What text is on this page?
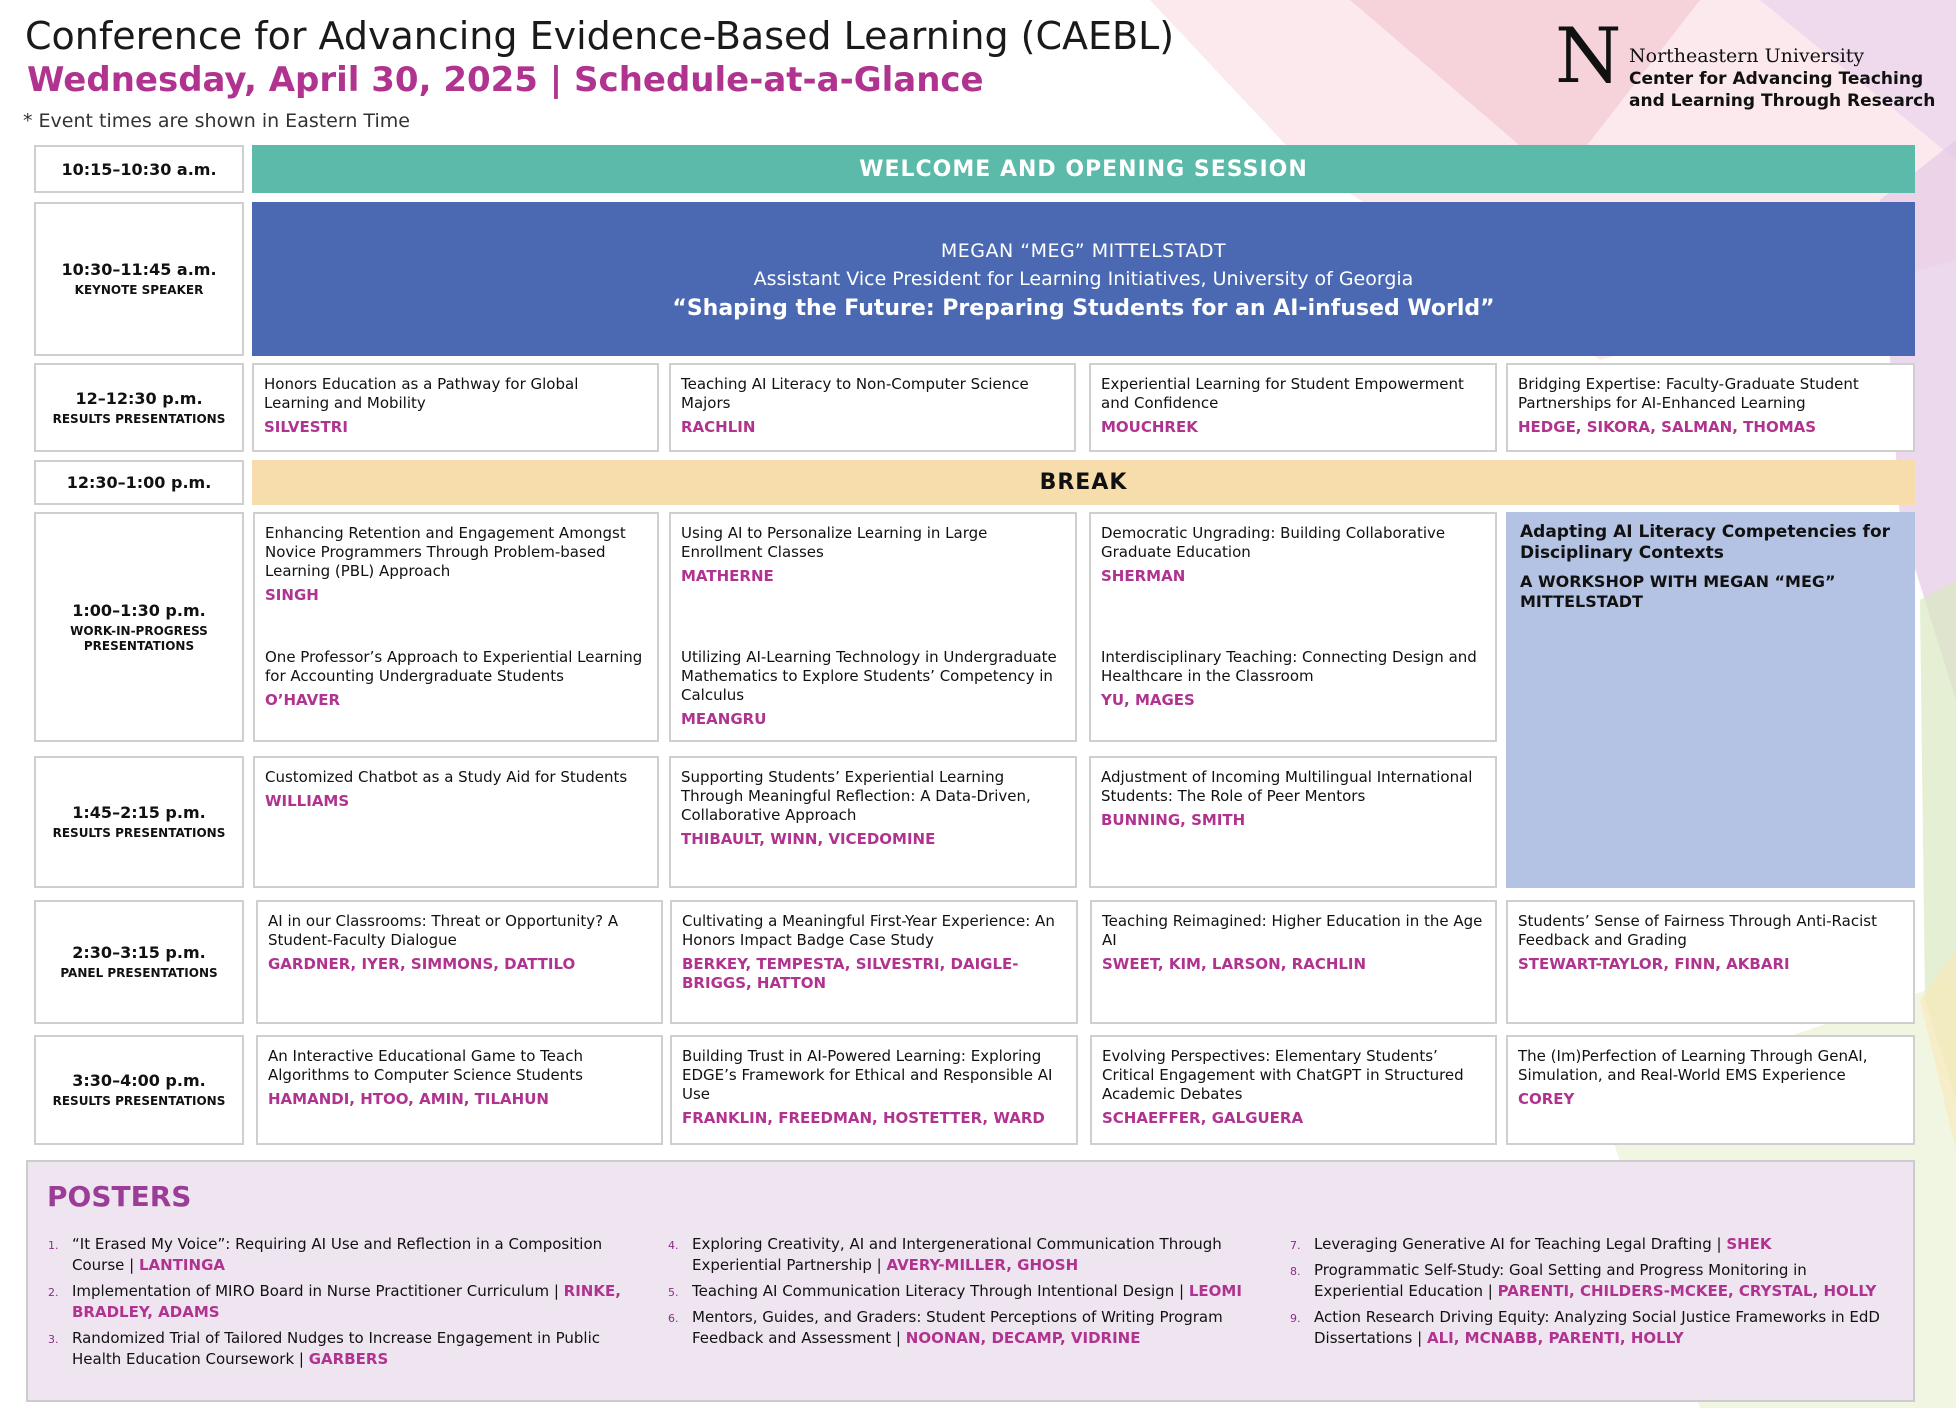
Conference for Advancing Evidence-Based Learning (CAEBL)
Wednesday, April 30, 2025 | Schedule-at-a-Glance
* Event times are shown in Eastern Time
N Northeastern University
Center for Advancing Teaching
and Learning Through Research
10:15–10:30 a.m.	WELCOME AND OPENING SESSION
10:30–11:45 a.m.
KEYNOTE SPEAKER
MEGAN “MEG” MITTELSTADT
Assistant Vice President for Learning Initiatives, University of Georgia
“Shaping the Future: Preparing Students for an AI-infused World”
12–12:30 p.m.
RESULTS PRESENTATIONS
Honors Education as a Pathway for Global Learning and Mobility
SILVESTRI
Teaching AI Literacy to Non-Computer Science Majors
RACHLIN
Experiential Learning for Student Empowerment and Confidence
MOUCHREK
Bridging Expertise: Faculty-Graduate Student Partnerships for AI-Enhanced Learning
HEDGE, SIKORA, SALMAN, THOMAS
12:30–1:00 p.m.	BREAK
1:00–1:30 p.m.
WORK-IN-PROGRESS PRESENTATIONS
Enhancing Retention and Engagement Amongst Novice Programmers Through Problem-based Learning (PBL) Approach
SINGH
One Professor’s Approach to Experiential Learning for Accounting Undergraduate Students
O’HAVER
Using AI to Personalize Learning in Large Enrollment Classes
MATHERNE
Utilizing AI-Learning Technology in Undergraduate Mathematics to Explore Students’ Competency in Calculus
MEANGRU
Democratic Ungrading: Building Collaborative Graduate Education
SHERMAN
Interdisciplinary Teaching: Connecting Design and Healthcare in the Classroom
YU, MAGES
Adapting AI Literacy Competencies for Disciplinary Contexts
A WORKSHOP WITH MEGAN “MEG” MITTELSTADT
1:45–2:15 p.m.
RESULTS PRESENTATIONS
Customized Chatbot as a Study Aid for Students
WILLIAMS
Supporting Students’ Experiential Learning Through Meaningful Reflection: A Data-Driven, Collaborative Approach
THIBAULT, WINN, VICEDOMINE
Adjustment of Incoming Multilingual International Students: The Role of Peer Mentors
BUNNING, SMITH
2:30–3:15 p.m.
PANEL PRESENTATIONS
AI in our Classrooms: Threat or Opportunity? A Student-Faculty Dialogue
GARDNER, IYER, SIMMONS, DATTILO
Cultivating a Meaningful First-Year Experience: An Honors Impact Badge Case Study
BERKEY, TEMPESTA, SILVESTRI, DAIGLE-BRIGGS, HATTON
Teaching Reimagined: Higher Education in the Age AI
SWEET, KIM, LARSON, RACHLIN
Students’ Sense of Fairness Through Anti-Racist Feedback and Grading
STEWART-TAYLOR, FINN, AKBARI
3:30–4:00 p.m.
RESULTS PRESENTATIONS
An Interactive Educational Game to Teach Algorithms to Computer Science Students
HAMANDI, HTOO, AMIN, TILAHUN
Building Trust in AI-Powered Learning: Exploring EDGE’s Framework for Ethical and Responsible AI Use
FRANKLIN, FREEDMAN, HOSTETTER, WARD
Evolving Perspectives: Elementary Students’ Critical Engagement with ChatGPT in Structured Academic Debates
SCHAEFFER, GALGUERA
The (Im)Perfection of Learning Through GenAI, Simulation, and Real-World EMS Experience
COREY
POSTERS
1. “It Erased My Voice”: Requiring AI Use and Reflection in a Composition Course | LANTINGA
2. Implementation of MIRO Board in Nurse Practitioner Curriculum | RINKE, BRADLEY, ADAMS
3. Randomized Trial of Tailored Nudges to Increase Engagement in Public Health Education Coursework | GARBERS
4. Exploring Creativity, AI and Intergenerational Communication Through Experiential Partnership | AVERY-MILLER, GHOSH
5. Teaching AI Communication Literacy Through Intentional Design | LEOMI
6. Mentors, Guides, and Graders: Student Perceptions of Writing Program Feedback and Assessment | NOONAN, DECAMP, VIDRINE
7. Leveraging Generative AI for Teaching Legal Drafting | SHEK
8. Programmatic Self-Study: Goal Setting and Progress Monitoring in Experiential Education | PARENTI, CHILDERS-MCKEE, CRYSTAL, HOLLY
9. Action Research Driving Equity: Analyzing Social Justice Frameworks in EdD Dissertations | ALI, MCNABB, PARENTI, HOLLY
